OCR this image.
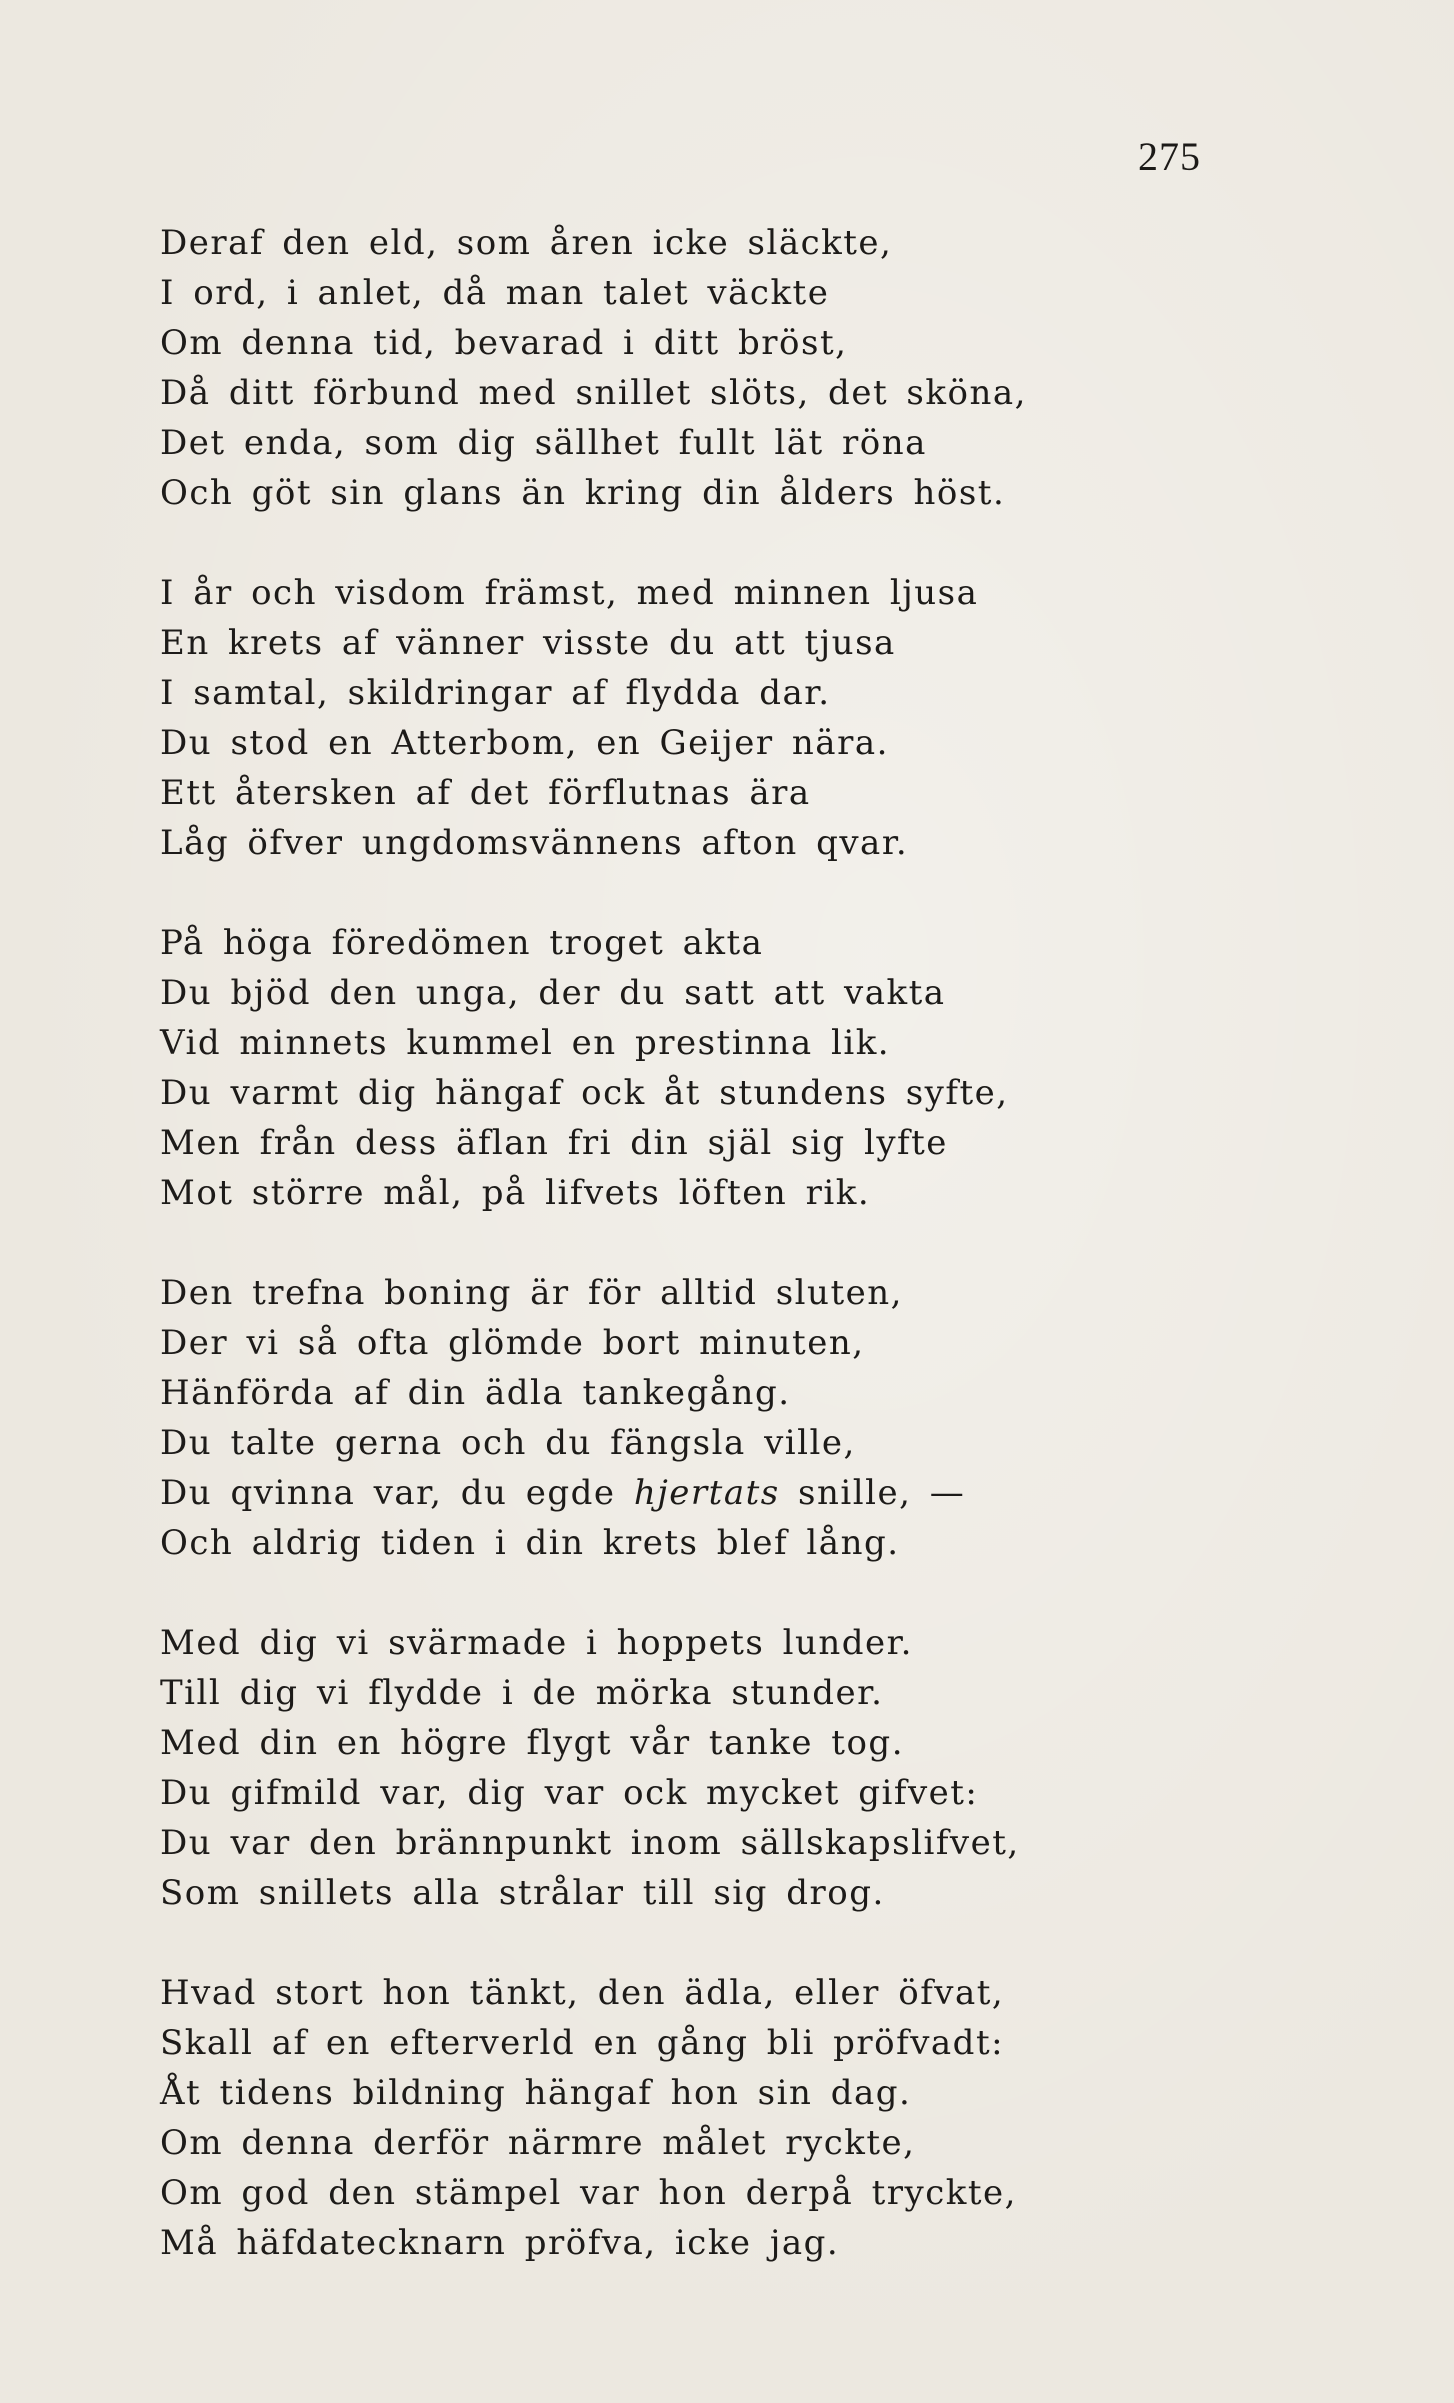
275
Deraf den eld, som åren icke släckte,
I ord, i anlet, då man talet väckte
Om denna tid, bevarad i ditt bröst,
Då ditt förbund med snillet slöts, det sköna,
Det enda, som dig sällhet fullt lät röna
Och göt sin glans än kring din ålders höst.
I år och visdom främst, med minnen ljusa
En krets af vänner visste du att tjusa
I samtal, skildringar af flydda dar.
Du stod en Atterbom, en Geijer nära.
Ett återsken af det förflutnas ära
Låg öfver ungdomsvännens afton qvar.
På höga föredömen troget akta
Du bjöd den unga, der du satt att vakta
Vid minnets kummel en prestinna lik.
Du varmt dig hängaf ock åt stundens syfte,
Men från dess äflan fri din själ sig lyfte
Mot större mål, på lifvets löften rik.
Den trefna boning är för alltid sluten,
Der vi så ofta glömde bort minuten,
Hänförda af din ädla tankegång.
Du talte gerna och du fängsla ville,
Du qvinna var, du egde hjertats snille, —
Och aldrig tiden i din krets blef lång.
Med dig vi svärmade i hoppets lunder.
Till dig vi flydde i de mörka stunder.
Med din en högre flygt vår tanke tog.
Du gifmild var, dig var ock mycket gifvet:
Du var den brännpunkt inom sällskapslifvet,
Som snillets alla strålar till sig drog.
Hvad stort hon tänkt, den ädla, eller öfvat,
Skall af en efterverld en gång bli pröfvadt:
Åt tidens bildning hängaf hon sin dag.
Om denna derför närmre målet ryckte,
Om god den stämpel var hon derpå tryckte,
Må häfdatecknarn pröfva, icke jag.
